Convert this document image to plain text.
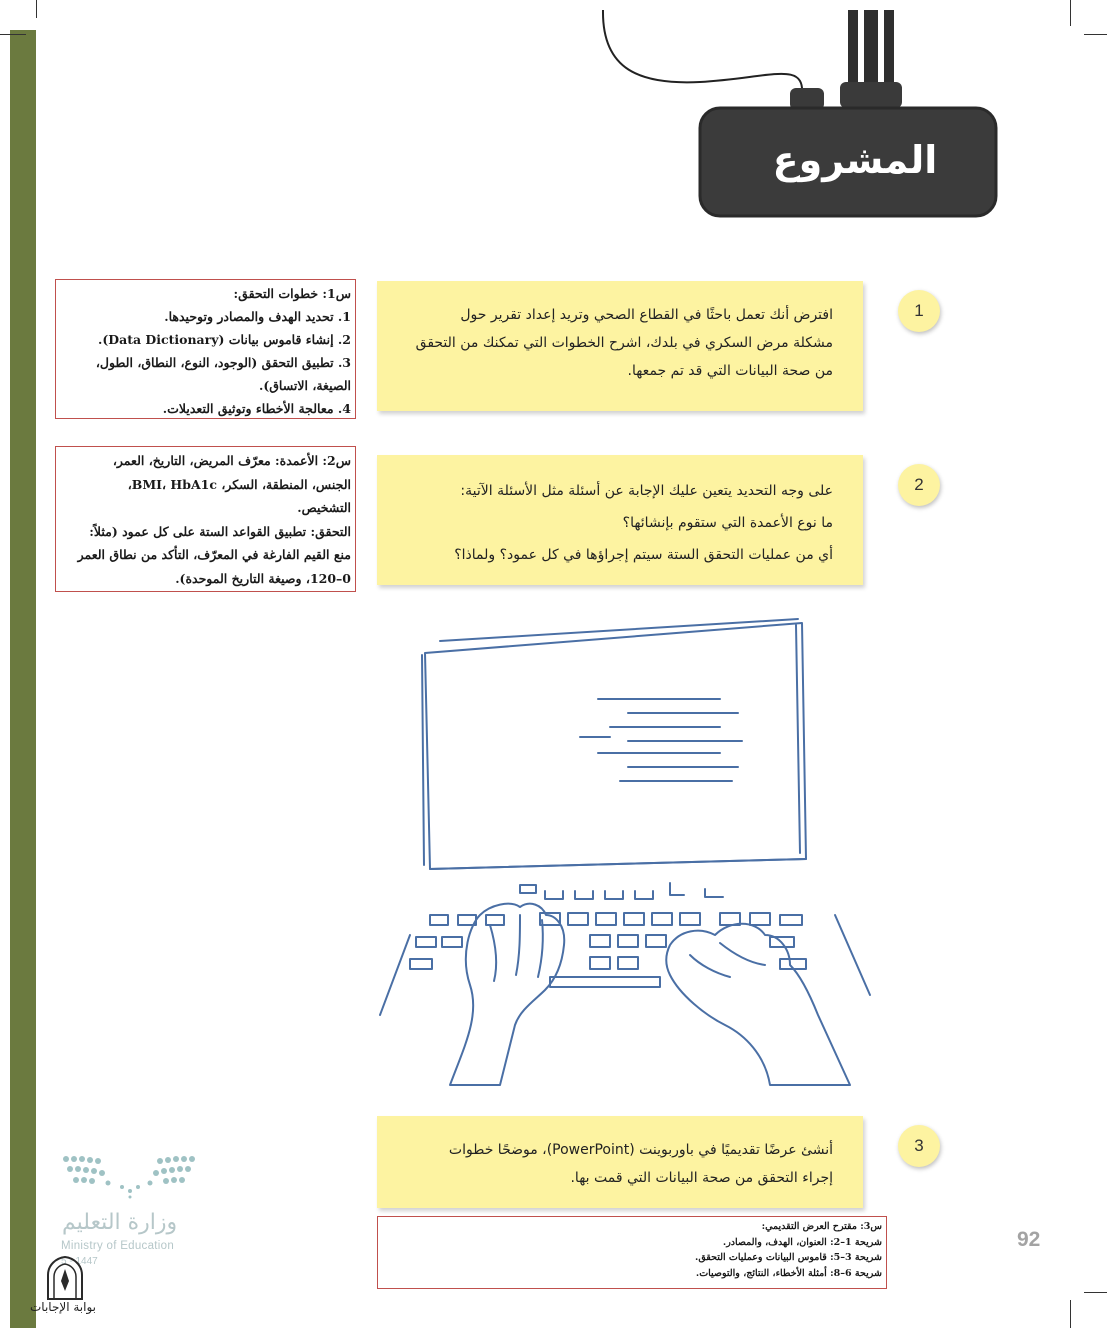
المشروع
افترض أنك تعمل باحثًا في القطاع الصحي وتريد إعداد تقرير حول
مشكلة مرض السكري في بلدك، اشرح الخطوات التي تمكنك من التحقق
من صحة البيانات التي قد تم جمعها.
1
على وجه التحديد يتعين عليك الإجابة عن أسئلة مثل الأسئلة الآتية:
ما نوع الأعمدة التي ستقوم بإنشائها؟
أي من عمليات التحقق الستة سيتم إجراؤها في كل عمود؟ ولماذا؟
2
أنشئ عرضًا تقديميًا في باوربوينت (PowerPoint)، موضحًا خطوات
إجراء التحقق من صحة البيانات التي قمت بها.
3
س1: خطوات التحقق:
1. تحديد الهدف والمصادر وتوحيدها.
2. إنشاء قاموس بيانات (Data Dictionary).
3. تطبيق التحقق (الوجود، النوع، النطاق، الطول،
الصيغة، الاتساق).
4. معالجة الأخطاء وتوثيق التعديلات.
س2: الأعمدة: معرّف المريض، التاريخ، العمر،
الجنس، المنطقة، السكر، BMI، HbA1c،
التشخيص.
التحقق: تطبيق القواعد الستة على كل عمود (مثلاً:
منع القيم الفارغة في المعرّف، التأكد من نطاق العمر
0–120، وصيغة التاريخ الموحدة).
س3: مقترح العرض التقديمي:
شريحة 1–2: العنوان، الهدف، والمصادر.
شريحة 3–5: قاموس البيانات وعمليات التحقق.
شريحة 6–8: أمثلة الأخطاء، النتائج، والتوصيات.
92
وزارة التعليم
Ministry of Education
5 - 1447
بوابة الإجابات
